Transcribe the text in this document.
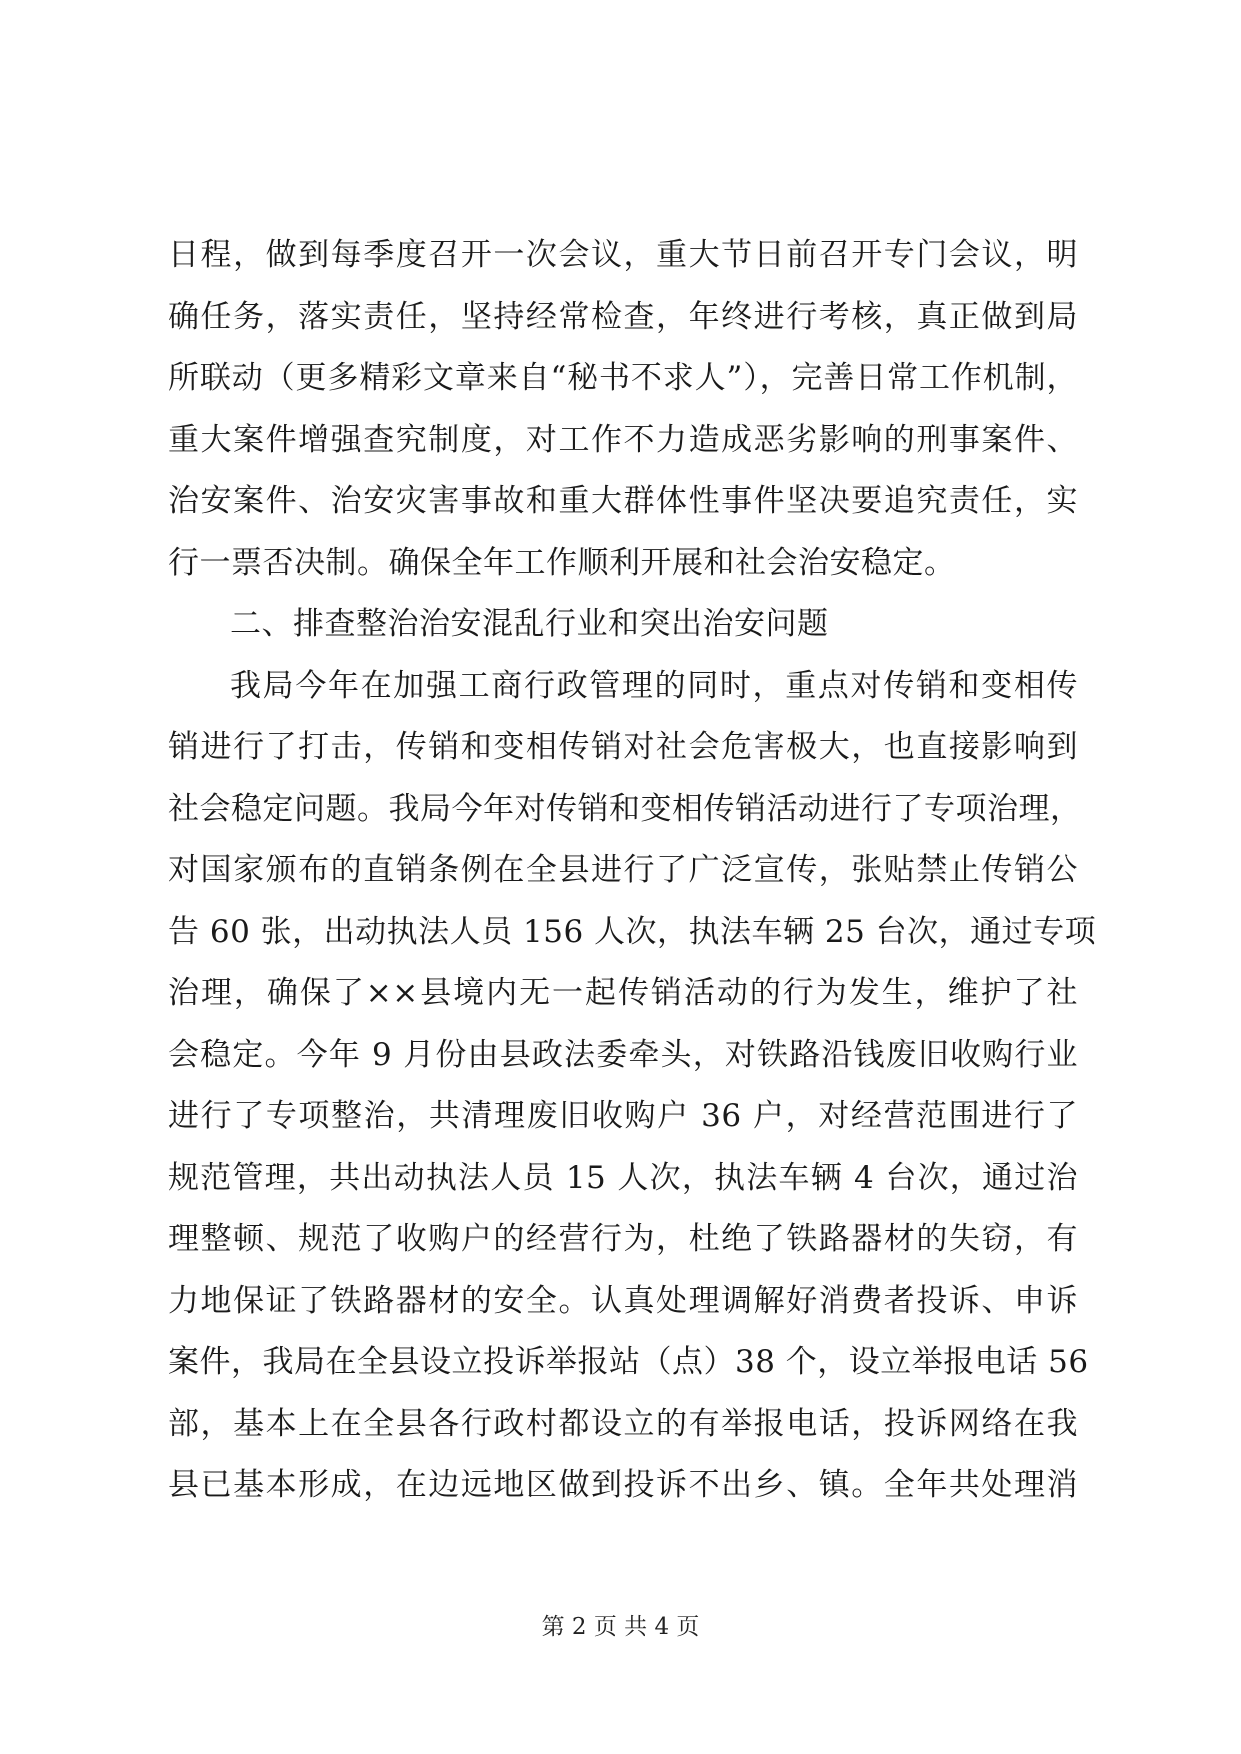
日程，做到每季度召开一次会议，重大节日前召开专门会议，明
确任务，落实责任，坚持经常检查，年终进行考核，真正做到局
所联动（更多精彩文章来自“秘书不求人”），完善日常工作机制，
重大案件增强查究制度，对工作不力造成恶劣影响的刑事案件、
治安案件、治安灾害事故和重大群体性事件坚决要追究责任，实
行一票否决制。确保全年工作顺利开展和社会治安稳定。
二、排查整治治安混乱行业和突出治安问题
我局今年在加强工商行政管理的同时，重点对传销和变相传
销进行了打击，传销和变相传销对社会危害极大，也直接影响到
社会稳定问题。我局今年对传销和变相传销活动进行了专项治理，
对国家颁布的直销条例在全县进行了广泛宣传，张贴禁止传销公
告 60 张，出动执法人员 156 人次，执法车辆 25 台次，通过专项
治理，确保了××县境内无一起传销活动的行为发生，维护了社
会稳定。今年 9 月份由县政法委牵头，对铁路沿钱废旧收购行业
进行了专项整治，共清理废旧收购户 36 户，对经营范围进行了
规范管理，共出动执法人员 15 人次，执法车辆 4 台次，通过治
理整顿、规范了收购户的经营行为，杜绝了铁路器材的失窃，有
力地保证了铁路器材的安全。认真处理调解好消费者投诉、申诉
案件，我局在全县设立投诉举报站（点）38 个，设立举报电话 56
部，基本上在全县各行政村都设立的有举报电话，投诉网络在我
县已基本形成，在边远地区做到投诉不出乡、镇。全年共处理消
第 2 页 共 4 页
